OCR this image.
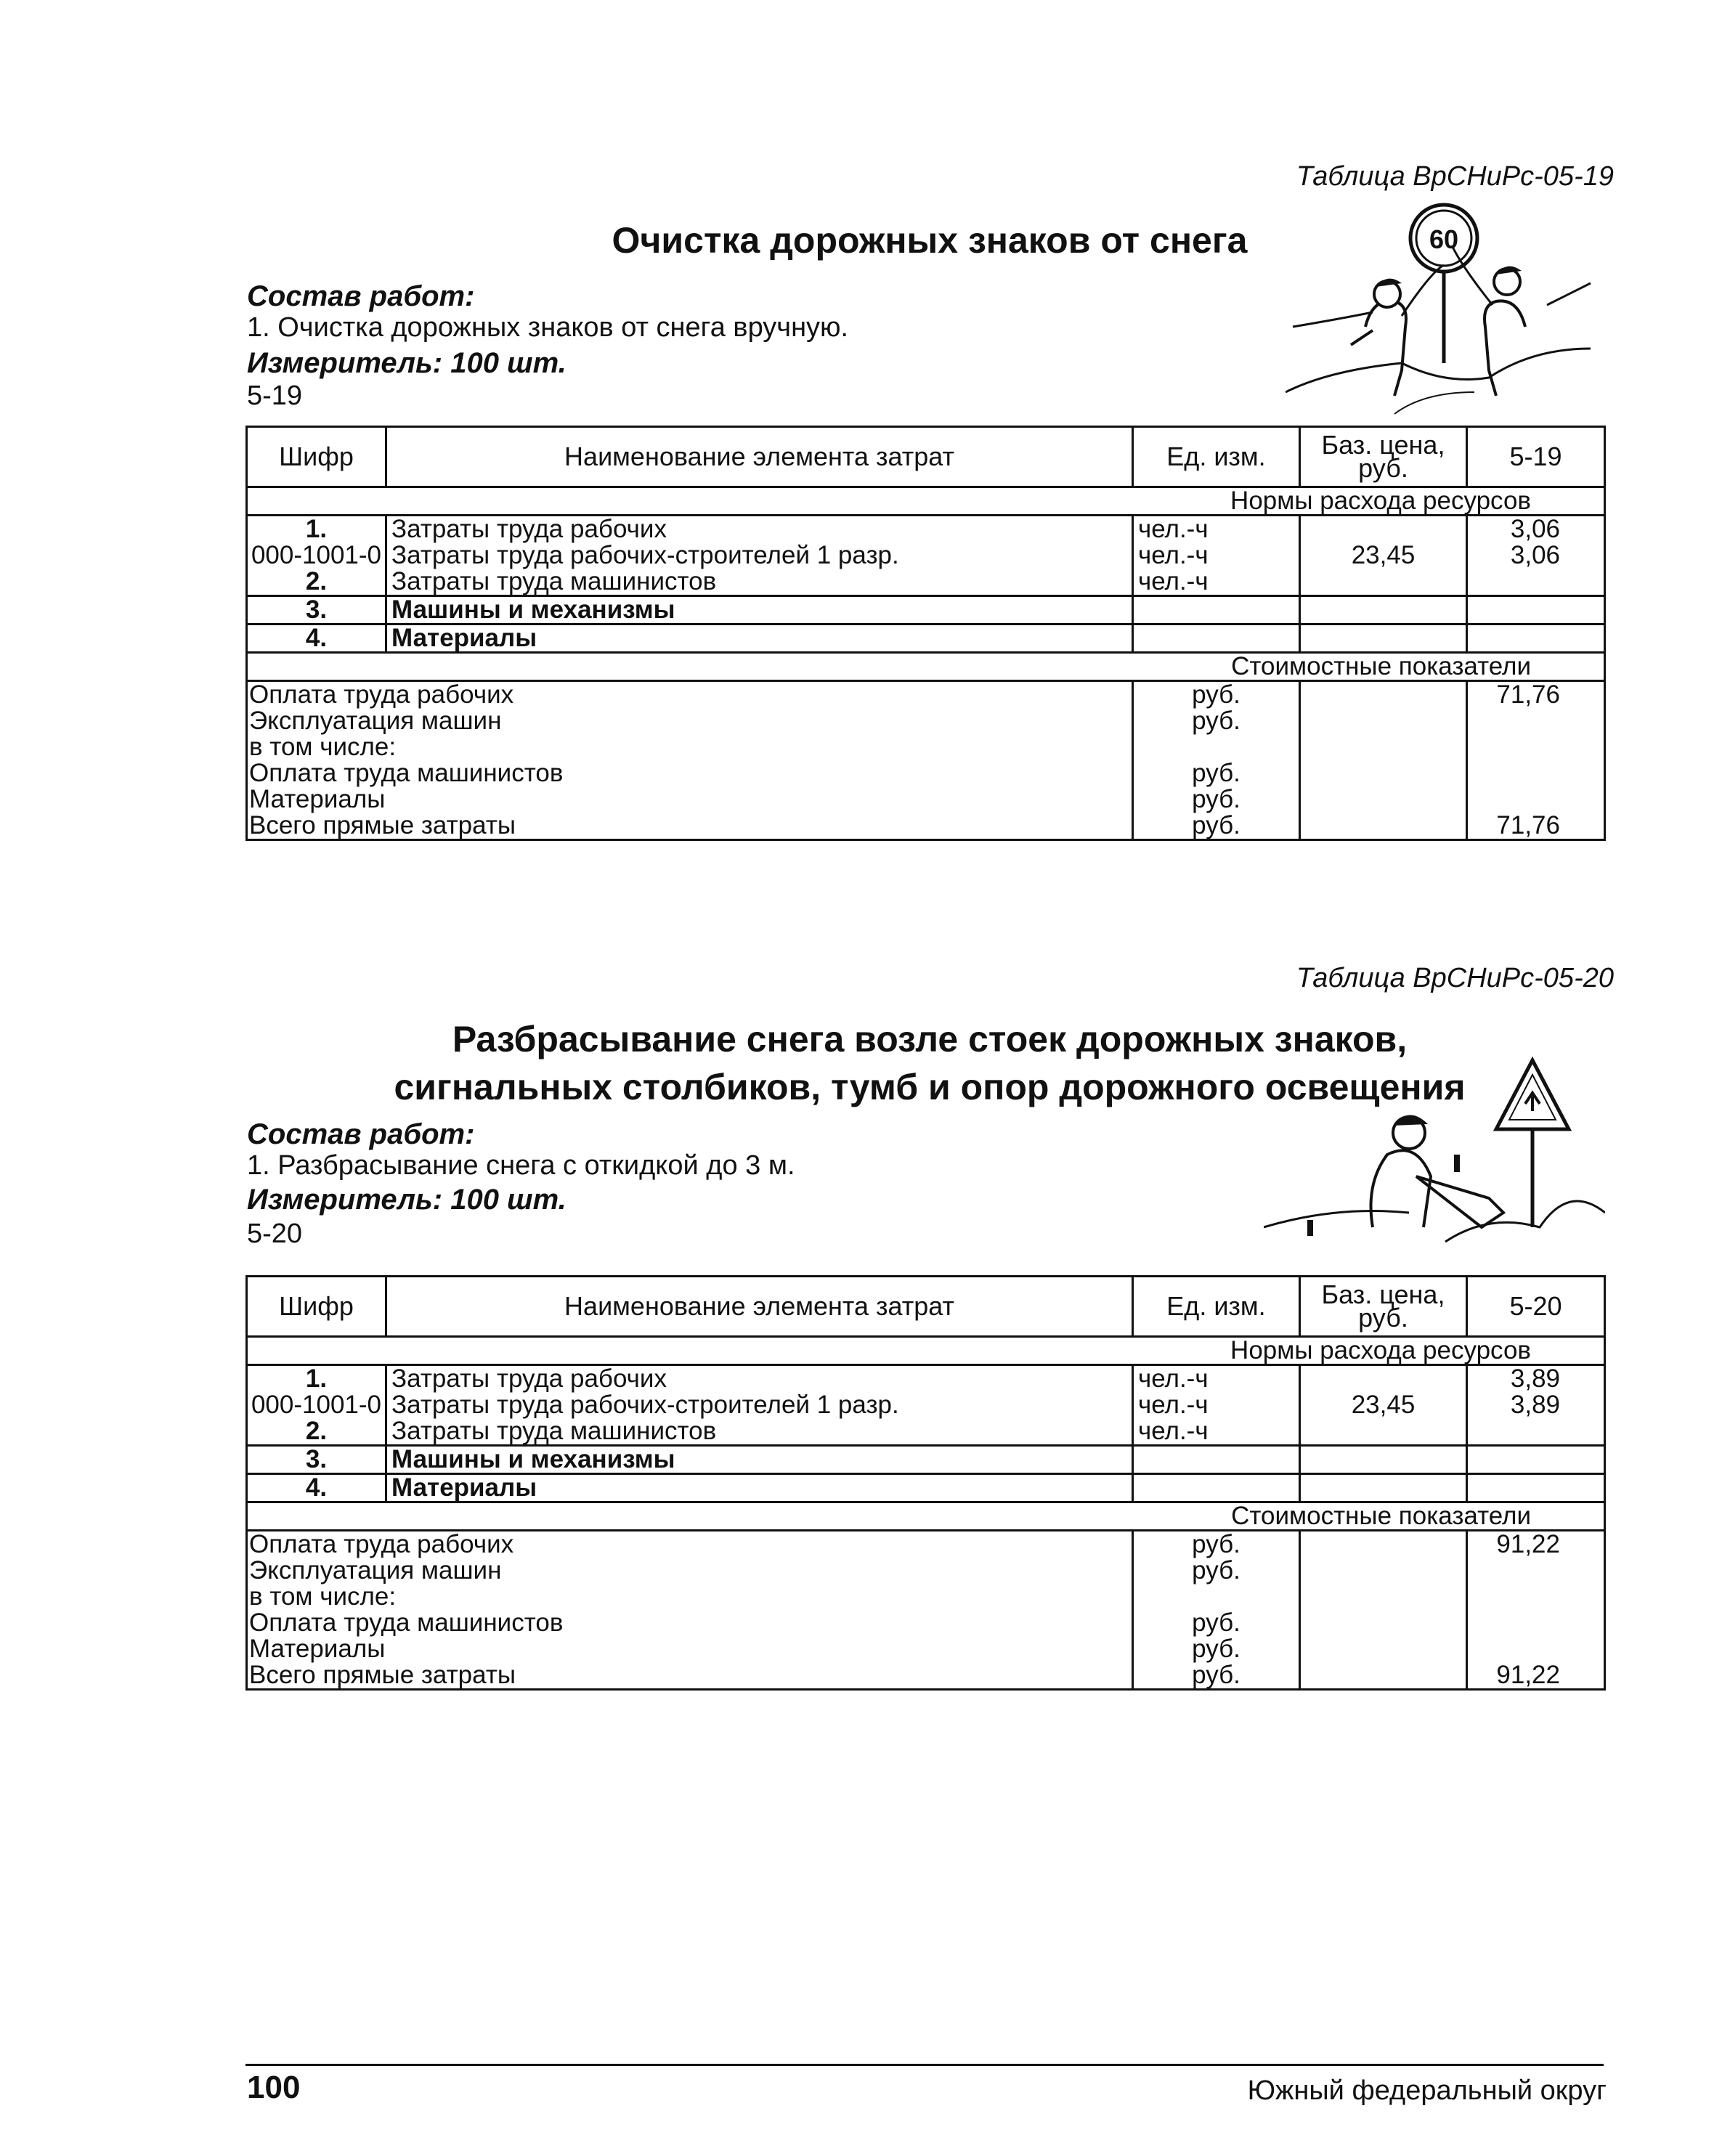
Таблица ВрСНиРс-05-19
Очистка дорожных знаков от снега	60
Состав работ:
1. Очистка дорожных знаков от снега вручную.
Измеритель: 100 шт.
5-19
Шифр	Наименование элемента затрат	Ед. изм.	Баз. цена, руб.	5-19
Нормы расхода ресурсов				
1.	Затраты труда рабочих	чел.-ч		3,06
000-1001-0	Затраты труда рабочих-строителей 1 разр.	чел.-ч	23,45	3,06
2.	Затраты труда машинистов	чел.-ч		
3.	Машины и механизмы			
4.	Материалы			
Стоимостные показатели				
Оплата труда рабочих		руб.		71,76
Эксплуатация машин		руб.		
в том числе:				
Оплата труда машинистов		руб.		
Материалы		руб.		
Всего прямые затраты		руб.		71,76
Таблица ВрСНиРс-05-20
Разбрасывание снега возле стоек дорожных знаков,
сигнальных столбиков, тумб и опор дорожного освещения
Состав работ:
1. Разбрасывание снега с откидкой до 3 м.
Измеритель: 100 шт.
5-20
Шифр	Наименование элемента затрат	Ед. изм.	Баз. цена, руб.	5-20
Нормы расхода ресурсов				
1.	Затраты труда рабочих	чел.-ч		3,89
000-1001-0	Затраты труда рабочих-строителей 1 разр.	чел.-ч	23,45	3,89
2.	Затраты труда машинистов	чел.-ч		
3.	Машины и механизмы			
4.	Материалы			
Стоимостные показатели				
Оплата труда рабочих		руб.		91,22
Эксплуатация машин		руб.		
в том числе:				
Оплата труда машинистов		руб.		
Материалы		руб.		
Всего прямые затраты		руб.		91,22
100	Южный федеральный округ
